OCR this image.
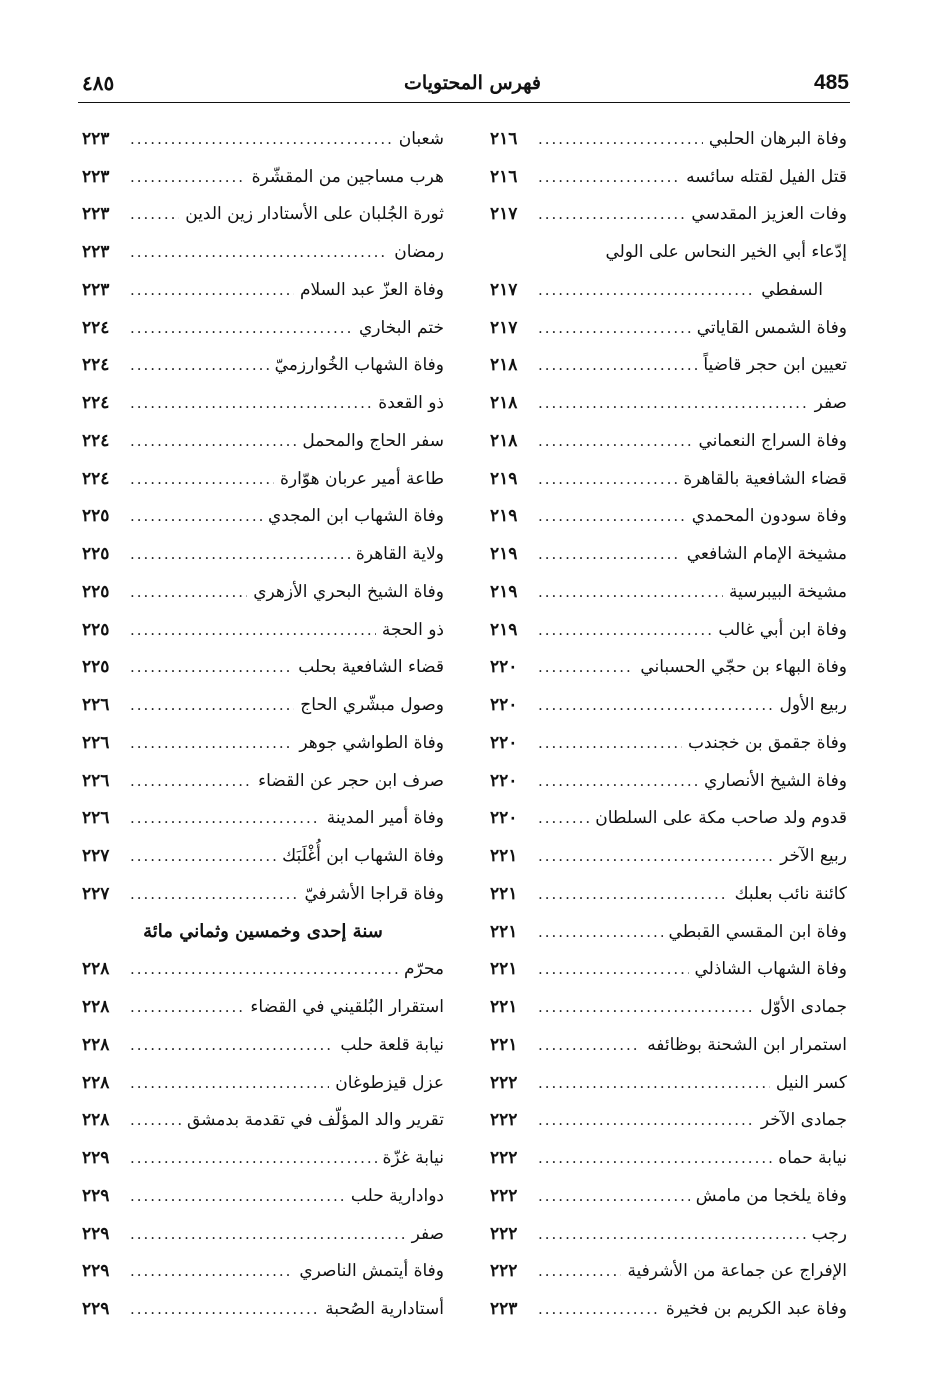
485
فهرس المحتويات
٤٨٥
وفاة البرهان الحلبي
.....
٢١٦
قتل الفيل لقتله سائسه
.....
٢١٦
وفات العزيز المقدسي
.....
٢١٧
إدّعاء أبي الخير النحاس على الولي
السفطي
.....
٢١٧
وفاة الشمس القاياتي
.....
٢١٧
تعيين ابن حجر قاضياً
.....
٢١٨
صفر
.....
٢١٨
وفاة السراج النعماني
.....
٢١٨
قضاء الشافعية بالقاهرة
.....
٢١٩
وفاة سودون المحمدي
.....
٢١٩
مشيخة الإمام الشافعي
.....
٢١٩
مشيخة البيبرسية
.....
٢١٩
وفاة ابن أبي غالب
.....
٢١٩
وفاة البهاء بن حجّي الحسباني
.....
٢٢٠
ربيع الأول
.....
٢٢٠
وفاة جقمق بن خجندب
.....
٢٢٠
وفاة الشيخ الأنصاري
.....
٢٢٠
قدوم ولد صاحب مكة على السلطان
.....
٢٢٠
ربيع الآخر
.....
٢٢١
كائنة نائب بعلبك
.....
٢٢١
وفاة ابن المقسي القبطي
.....
٢٢١
وفاة الشهاب الشاذلي
.....
٢٢١
جمادى الأوّل
.....
٢٢١
استمرار ابن الشحنة بوظائفه
.....
٢٢١
كسر النيل
.....
٢٢٢
جمادى الآخر
.....
٢٢٢
نيابة حماه
.....
٢٢٢
وفاة يلخجا من مامش
.....
٢٢٢
رجب
.....
٢٢٢
الإفراج عن جماعة من الأشرفية
.....
٢٢٢
وفاة عبد الكريم بن فخيرة
.....
٢٢٣
شعبان
.....
٢٢٣
هرب مساجين من المقشّرة
.....
٢٢٣
ثورة الجُلبان على الأستادار زين الدين
.....
٢٢٣
رمضان
.....
٢٢٣
وفاة العزّ عبد السلام
.....
٢٢٣
ختم البخاري
.....
٢٢٤
وفاة الشهاب الخُوارزميّ
.....
٢٢٤
ذو القعدة
.....
٢٢٤
سفر الحاج والمحمل
.....
٢٢٤
طاعة أمير عربان هوّارة
.....
٢٢٤
وفاة الشهاب ابن المجدي
.....
٢٢٥
ولاية القاهرة
.....
٢٢٥
وفاة الشيخ البحري الأزهري
.....
٢٢٥
ذو الحجة
.....
٢٢٥
قضاء الشافعية بحلب
.....
٢٢٥
وصول مبشّري الحاج
.....
٢٢٦
وفاة الطواشي جوهر
.....
٢٢٦
صرف ابن حجر عن القضاء
.....
٢٢٦
وفاة أمير المدينة
.....
٢٢٦
وفاة الشهاب ابن أُغْلَبَك
.....
٢٢٧
وفاة قراجا الأشرفيّ
.....
٢٢٧
سنة إحدى وخمسين وثماني مائة
محرّم
.....
٢٢٨
استقرار البُلقيني في القضاء
.....
٢٢٨
نيابة قلعة حلب
.....
٢٢٨
عزل قيزطوغان
.....
٢٢٨
تقرير والد المؤلّف في تقدمة بدمشق
.....
٢٢٨
نيابة غزّة
.....
٢٢٩
دوادارية حلب
.....
٢٢٩
صفر
.....
٢٢٩
وفاة أيتمش الناصري
.....
٢٢٩
أستادارية الصُحبة
.....
٢٢٩
